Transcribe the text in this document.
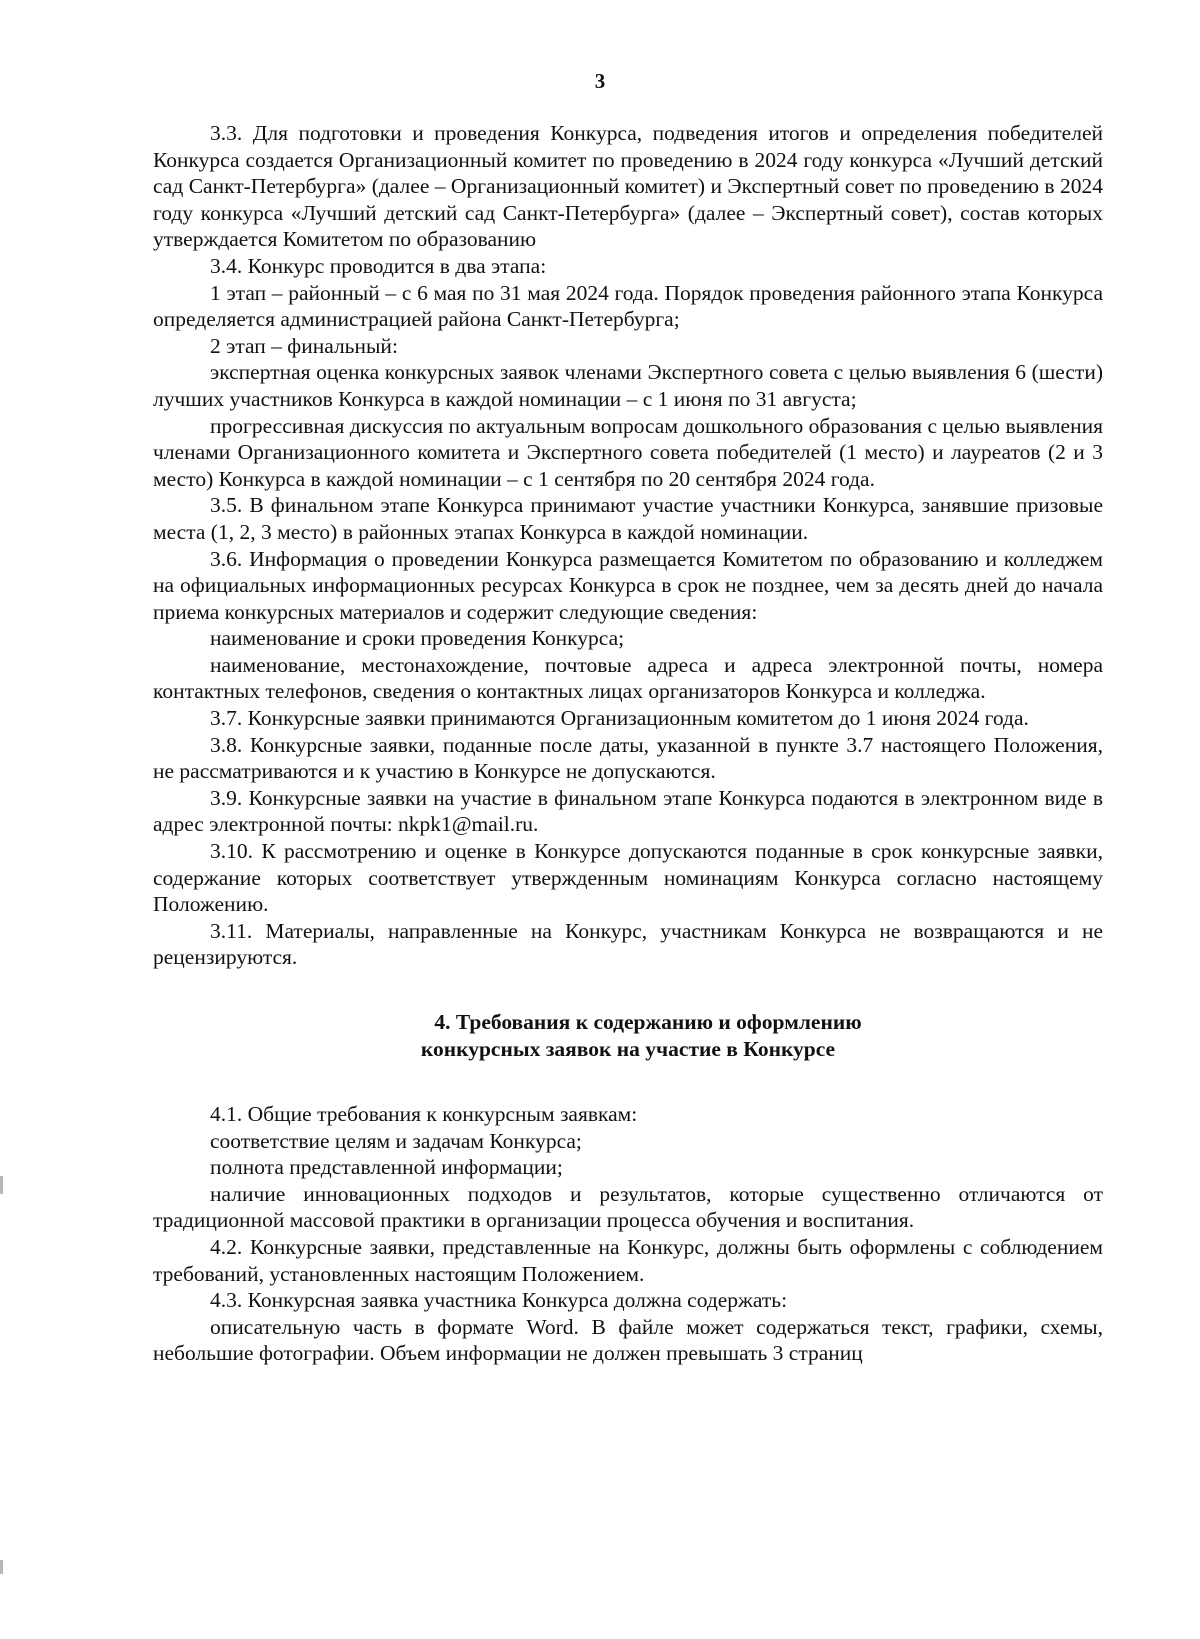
3

3.3. Для подготовки и проведения Конкурса, подведения итогов и определения победителей Конкурса создается Организационный комитет по проведению в 2024 году конкурса «Лучший детский сад Санкт-Петербурга» (далее – Организационный комитет) и Экспертный совет по проведению в 2024 году конкурса «Лучший детский сад Санкт-Петербурга» (далее – Экспертный совет), состав которых утверждается Комитетом по образованию

3.4. Конкурс проводится в два этапа:

1 этап – районный – с 6 мая по 31 мая 2024 года. Порядок проведения районного этапа Конкурса определяется администрацией района Санкт-Петербурга;

2 этап – финальный:

экспертная оценка конкурсных заявок членами Экспертного совета с целью выявления 6 (шести) лучших участников Конкурса в каждой номинации – с 1 июня по 31 августа;

прогрессивная дискуссия по актуальным вопросам дошкольного образования с целью выявления членами Организационного комитета и Экспертного совета победителей (1 место) и лауреатов (2 и 3 место) Конкурса в каждой номинации – с 1 сентября по 20 сентября 2024 года.

3.5. В финальном этапе Конкурса принимают участие участники Конкурса, занявшие призовые места (1, 2, 3 место) в районных этапах Конкурса в каждой номинации.

3.6. Информация о проведении Конкурса размещается Комитетом по образованию и колледжем на официальных информационных ресурсах Конкурса в срок не позднее, чем за десять дней до начала приема конкурсных материалов и содержит следующие сведения:

наименование и сроки проведения Конкурса;

наименование, местонахождение, почтовые адреса и адреса электронной почты, номера контактных телефонов, сведения о контактных лицах организаторов Конкурса и колледжа.

3.7. Конкурсные заявки принимаются Организационным комитетом до 1 июня 2024 года.

3.8. Конкурсные заявки, поданные после даты, указанной в пункте 3.7 настоящего Положения, не рассматриваются и к участию в Конкурсе не допускаются.

3.9. Конкурсные заявки на участие в финальном этапе Конкурса подаются в электронном виде в адрес электронной почты: nkpk1@mail.ru.

3.10. К рассмотрению и оценке в Конкурсе допускаются поданные в срок конкурсные заявки, содержание которых соответствует утвержденным номинациям Конкурса согласно настоящему Положению.

3.11. Материалы, направленные на Конкурс, участникам Конкурса не возвращаются и не рецензируются.

4. Требования к содержанию и оформлению
конкурсных заявок на участие в Конкурсе

4.1. Общие требования к конкурсным заявкам:

соответствие целям и задачам Конкурса;

полнота представленной информации;

наличие инновационных подходов и результатов, которые существенно отличаются от традиционной массовой практики в организации процесса обучения и воспитания.

4.2. Конкурсные заявки, представленные на Конкурс, должны быть оформлены с соблюдением требований, установленных настоящим Положением.

4.3. Конкурсная заявка участника Конкурса должна содержать:

описательную часть в формате Word. В файле может содержаться текст, графики, схемы, небольшие фотографии. Объем информации не должен превышать 3 страниц
